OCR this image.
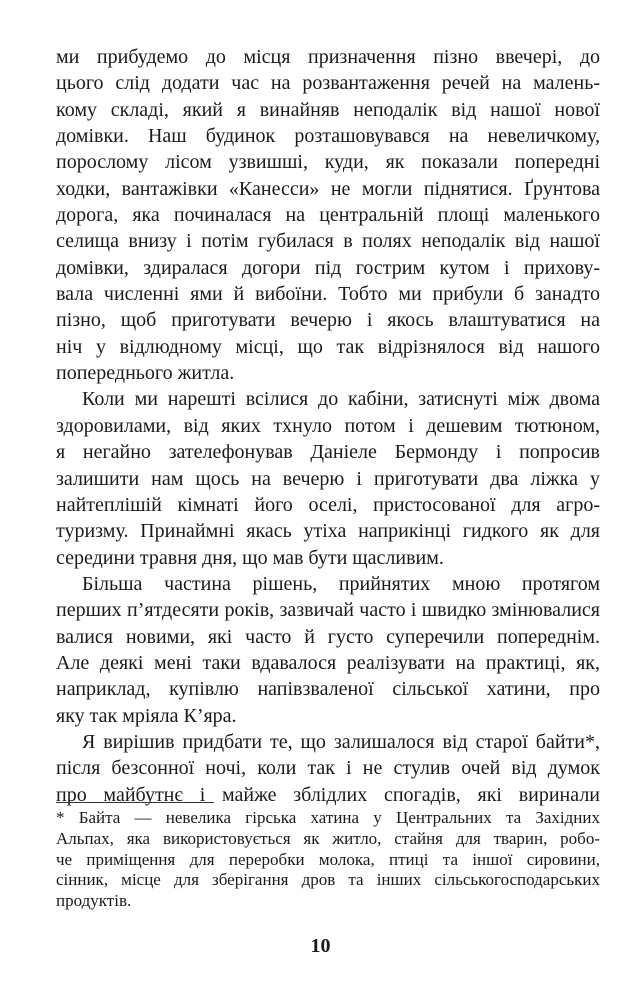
ми прибудемо до місця призначення пізно ввечері, до
цього слід додати час на розвантаження речей на малень-
кому складі, який я винайняв неподалік від нашої нової
домівки. Наш будинок розташовувався на невеличкому,
порослому лісом узвишші, куди, як показали попередні
ходки, вантажівки «Канесси» не могли піднятися. Ґрунтова
дорога, яка починалася на центральній площі маленького
селища внизу і потім губилася в полях неподалік від нашої
домівки, здиралася догори під гострим кутом і прихову-
вала численні ями й вибоїни. Тобто ми прибули б занадто
пізно, щоб приготувати вечерю і якось влаштуватися на
ніч у відлюдному місці, що так відрізнялося від нашого
попереднього житла.
Коли ми нарешті всілися до кабіни, затиснуті між двома
здоровилами, від яких тхнуло потом і дешевим тютюном,
я негайно зателефонував Даніеле Бермонду і попросив
залишити нам щось на вечерю і приготувати два ліжка у
найтеплішій кімнаті його оселі, пристосованої для агро-
туризму. Принаймні якась утіха наприкінці гидкого як для
середини травня дня, що мав бути щасливим.
Більша частина рішень, прийнятих мною протягом
перших п’ятдесяти років, зазвичай часто і швидко змінювалися
валися новими, які часто й густо суперечили попереднім.
Але деякі мені таки вдавалося реалізувати на практиці, як,
наприклад, купівлю напівзваленої сільської хатини, про
яку так мріяла К’яра.
Я вирішив придбати те, що залишалося від старої байти*,
після безсонної ночі, коли так і не стулив очей від думок
про майбутнє і майже зблідлих спогадів, які виринали
* Байта — невелика гірська хатина у Центральних та Західних
Альпах, яка використовується як житло, стайня для тварин, робо-
че приміщення для переробки молока, птиці та іншої сировини,
сінник, місце для зберігання дров та інших сільськогосподарських
продуктів.
10
